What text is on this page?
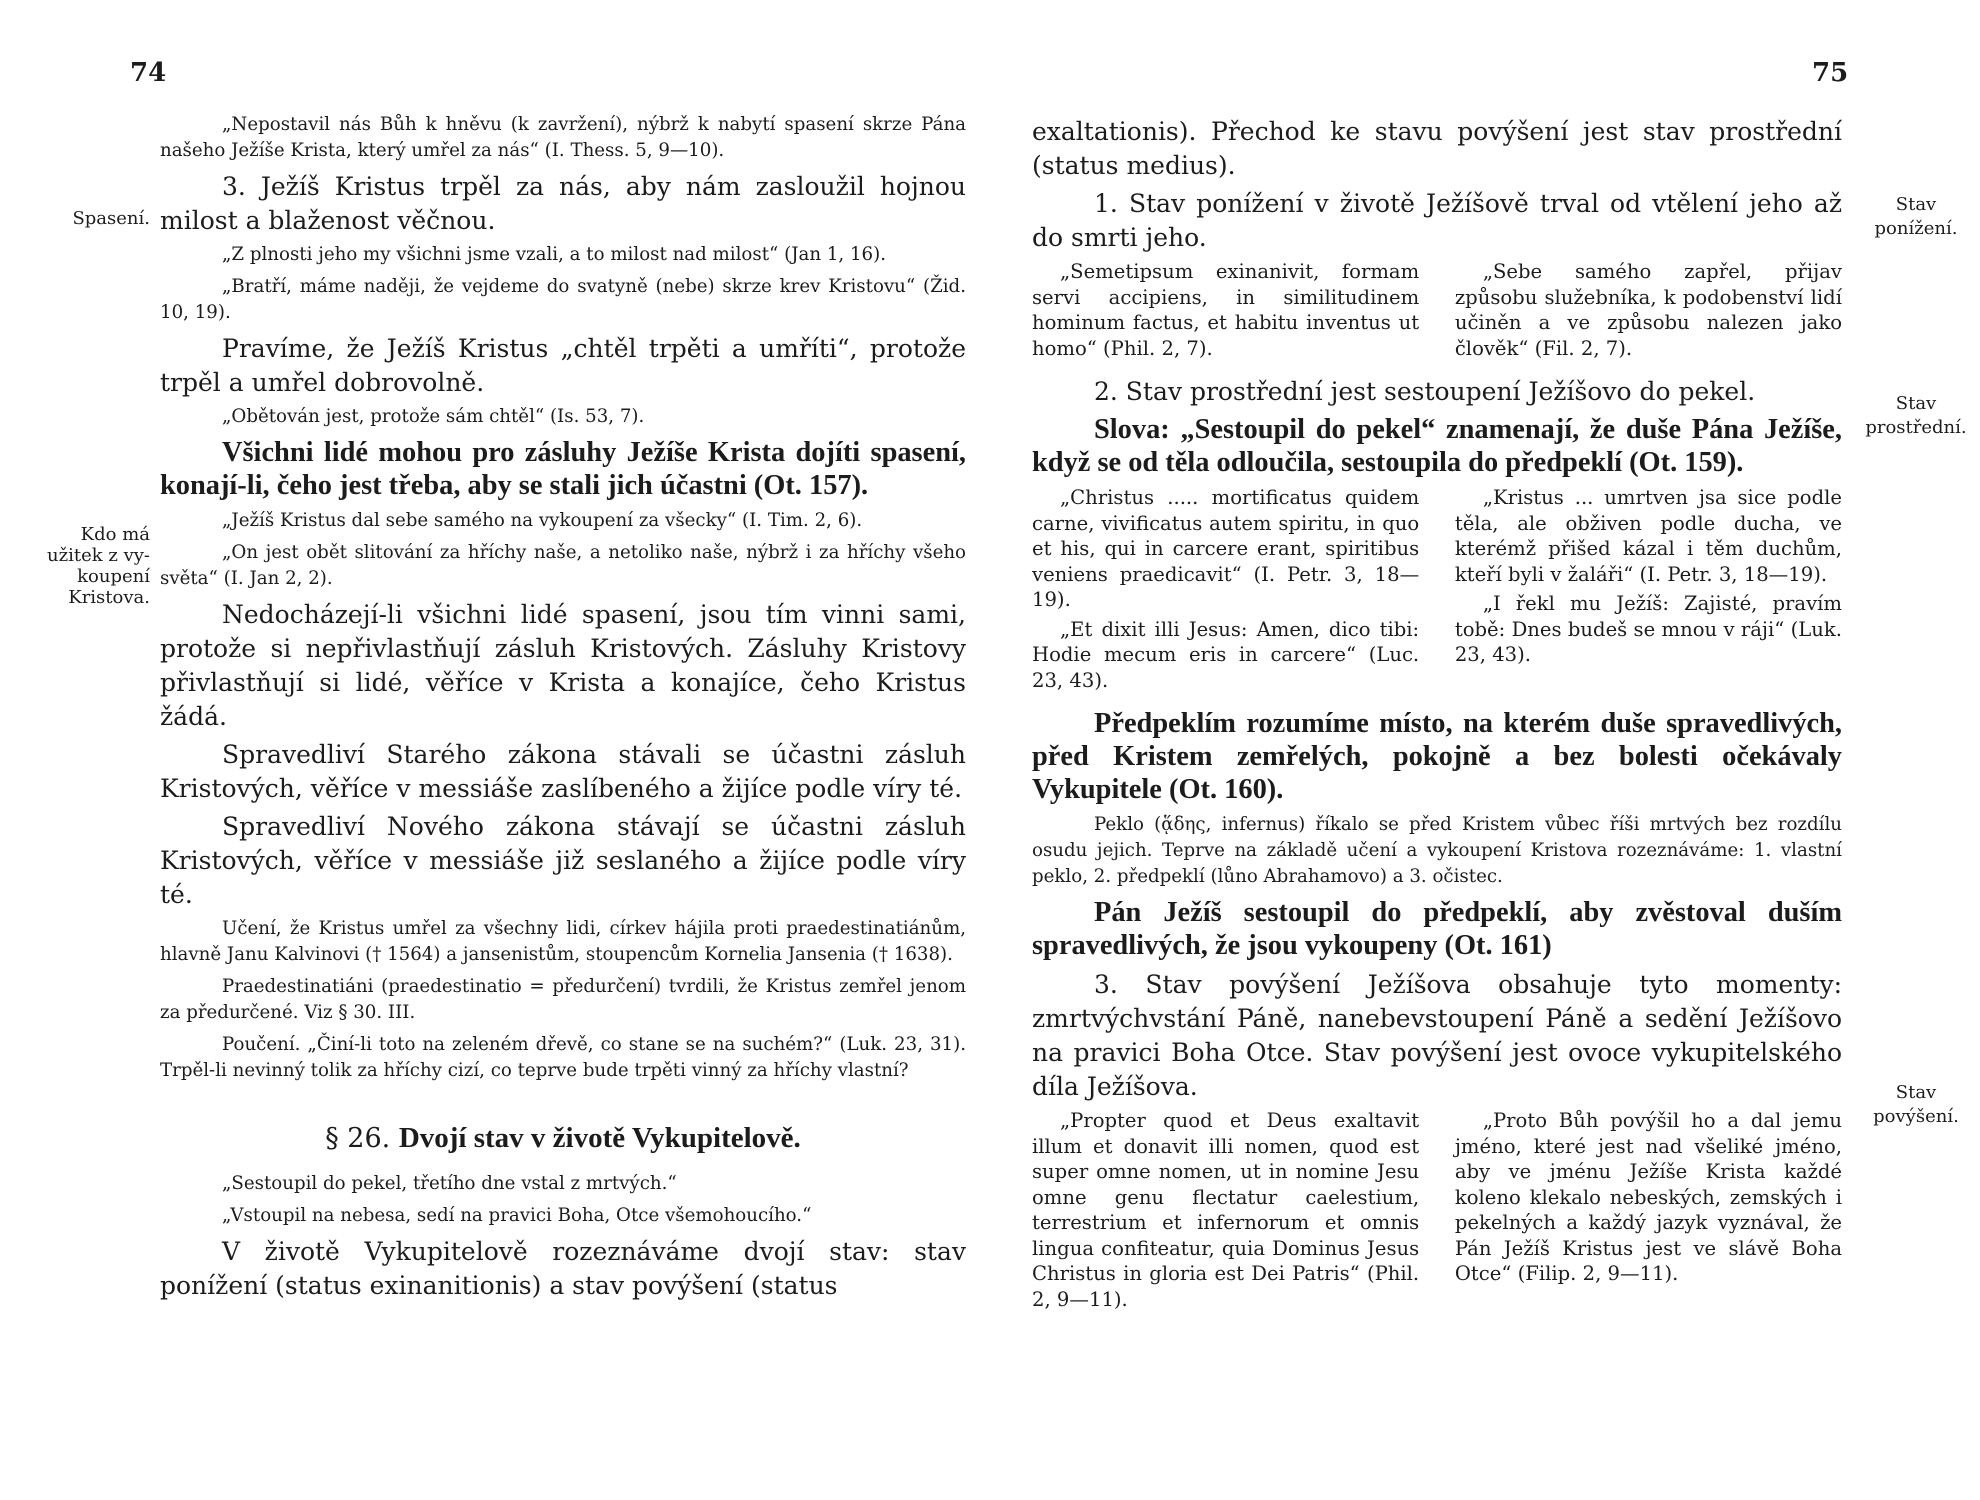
74
Spasení.
Kdo má
užitek z vy-
koupení
Kristova.

„Nepostavil nás Bůh k hněvu (k zavržení), nýbrž k nabytí spasení skrze Pána našeho Ježíše Krista, který umřel za nás“ (I. Thess. 5, 9—10).

3. Ježíš Kristus trpěl za nás, aby nám zasloužil hojnou milost a blaženost věčnou.

„Z plnosti jeho my všichni jsme vzali, a to milost nad milost“ (Jan 1, 16).

„Bratří, máme naději, že vejdeme do svatyně (nebe) skrze krev Kristovu“ (Žid. 10, 19).

Pravíme, že Ježíš Kristus „chtěl trpěti a umříti“, protože trpěl a umřel dobrovolně.

„Obětován jest, protože sám chtěl“ (Is. 53, 7).

Všichni lidé mohou pro zásluhy Ježíše Krista dojíti spasení, konají-li, čeho jest třeba, aby se stali jich účastni (Ot. 157).

„Ježíš Kristus dal sebe samého na vykoupení za všecky“ (I. Tim. 2, 6).

„On jest obět slitování za hříchy naše, a netoliko naše, nýbrž i za hříchy všeho světa“ (I. Jan 2, 2).

Nedocházejí-li všichni lidé spasení, jsou tím vinni sami, protože si nepřivlastňují zásluh Kristových. Zásluhy Kristovy přivlastňují si lidé, věříce v Krista a konajíce, čeho Kristus žádá.

Spravedliví Starého zákona stávali se účastni zásluh Kristových, věříce v messiáše zaslíbeného a žijíce podle víry té.

Spravedliví Nového zákona stávají se účastni zásluh Kristových, věříce v messiáše již seslaného a žijíce podle víry té.

Učení, že Kristus umřel za všechny lidi, církev hájila proti praedestinatiánům, hlavně Janu Kalvinovi († 1564) a jansenistům, stoupencům Kornelia Jansenia († 1638).

Praedestinatiáni (praedestinatio = předurčení) tvrdili, že Kristus zemřel jenom za předurčené. Viz § 30. III.

Poučení. „Činí-li toto na zeleném dřevě, co stane se na suchém?“ (Luk. 23, 31). Trpěl-li nevinný tolik za hříchy cizí, co teprve bude trpěti vinný za hříchy vlastní?

§ 26. Dvojí stav v životě Vykupitelově.

„Sestoupil do pekel, třetího dne vstal z mrtvých.“

„Vstoupil na nebesa, sedí na pravici Boha, Otce všemohoucího.“

V životě Vykupitelově rozeznáváme dvojí stav: stav ponížení (status exinanitionis) a stav povýšení (status

75
Stav
ponížení.
Stav
prostřední.
Stav
povýšení.

exaltationis). Přechod ke stavu povýšení jest stav prostřední (status medius).

1. Stav ponížení v životě Ježíšově trval od vtělení jeho až do smrti jeho.

„Semetipsum exinanivit, formam servi accipiens, in similitudinem hominum factus, et habitu inventus ut homo“ (Phil. 2, 7).

„Sebe samého zapřel, přijav způsobu služebníka, k podobenství lidí učiněn a ve způsobu nalezen jako člověk“ (Fil. 2, 7).

2. Stav prostřední jest sestoupení Ježíšovo do pekel.

Slova: „Sestoupil do pekel“ znamenají, že duše Pána Ježíše, když se od těla odloučila, sestoupila do předpeklí (Ot. 159).

„Christus ..... mortificatus quidem carne, vivificatus autem spiritu, in quo et his, qui in carcere erant, spiritibus veniens praedicavit“ (I. Petr. 3, 18—19).

„Et dixit illi Jesus: Amen, dico tibi: Hodie mecum eris in carcere“ (Luc. 23, 43).

„Kristus ... umrtven jsa sice podle těla, ale obživen podle ducha, ve kterémž přišed kázal i těm duchům, kteří byli v žaláři“ (I. Petr. 3, 18—19).

„I řekl mu Ježíš: Zajisté, pravím tobě: Dnes budeš se mnou v ráji“ (Luk. 23, 43).

Předpeklím rozumíme místo, na kterém duše spravedlivých, před Kristem zemřelých, pokojně a bez bolesti očekávaly Vykupitele (Ot. 160).

Peklo (ᾅδης, infernus) říkalo se před Kristem vůbec říši mrtvých bez rozdílu osudu jejich. Teprve na základě učení a vykoupení Kristova rozeznáváme: 1. vlastní peklo, 2. předpeklí (lůno Abrahamovo) a 3. očistec.

Pán Ježíš sestoupil do předpeklí, aby zvěstoval duším spravedlivých, že jsou vykoupeny (Ot. 161)

3. Stav povýšení Ježíšova obsahuje tyto momenty: zmrtvýchvstání Páně, nanebevstoupení Páně a sedění Ježíšovo na pravici Boha Otce. Stav povýšení jest ovoce vykupitelského díla Ježíšova.

„Propter quod et Deus exaltavit illum et donavit illi nomen, quod est super omne nomen, ut in nomine Jesu omne genu flectatur caelestium, terrestrium et infernorum et omnis lingua confiteatur, quia Dominus Jesus Christus in gloria est Dei Patris“ (Phil. 2, 9—11).

„Proto Bůh povýšil ho a dal jemu jméno, které jest nad všeliké jméno, aby ve jménu Ježíše Krista každé koleno klekalo nebeských, zemských i pekelných a každý jazyk vyznával, že Pán Ježíš Kristus jest ve slávě Boha Otce“ (Filip. 2, 9—11).
